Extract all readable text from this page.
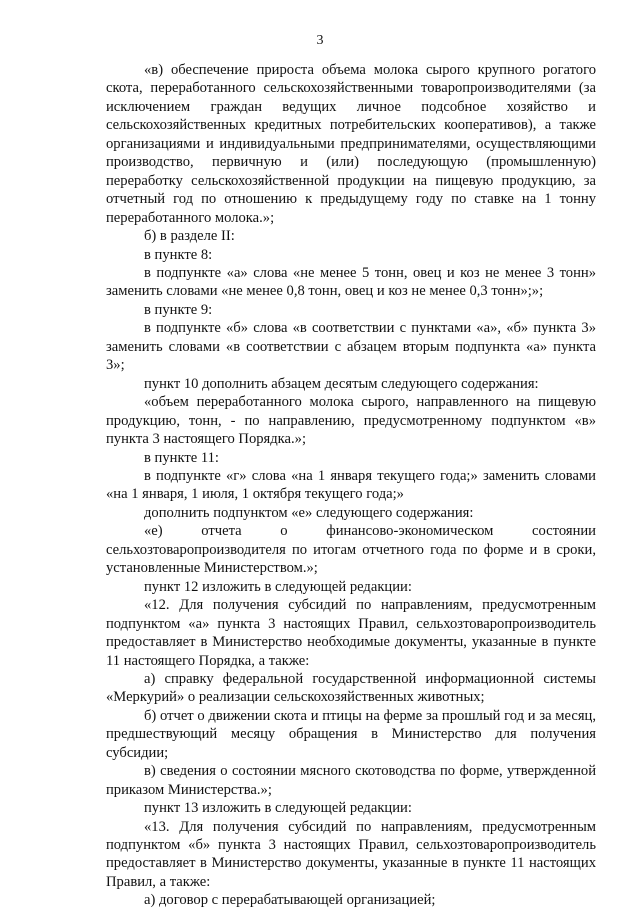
3

«в) обеспечение прироста объема молока сырого крупного рогатого скота, переработанного сельскохозяйственными товаропроизводителями (за исключением граждан ведущих личное подсобное хозяйство и сельскохозяйственных кредитных потребительских кооперативов), а также организациями и индивидуальными предпринимателями, осуществляющими производство, первичную и (или) последующую (промышленную) переработку сельскохозяйственной продукции на пищевую продукцию, за отчетный год по отношению к предыдущему году по ставке на 1 тонну переработанного молока.»;

б) в разделе II:

в пункте 8:

в подпункте «а» слова «не менее 5 тонн, овец и коз не менее 3 тонн» заменить словами «не менее 0,8 тонн, овец и коз не менее 0,3 тонн»;»;

в пункте 9:

в подпункте «б» слова «в соответствии с пунктами «а», «б» пункта 3» заменить словами «в соответствии с абзацем вторым подпункта «а» пункта 3»;

пункт 10 дополнить абзацем десятым следующего содержания:

«объем переработанного молока сырого, направленного на пищевую продукцию, тонн, - по направлению, предусмотренному подпунктом «в» пункта 3 настоящего Порядка.»;

в пункте 11:

в подпункте «г» слова «на 1 января текущего года;» заменить словами «на 1 января, 1 июля, 1 октября текущего года;»

дополнить подпунктом «е» следующего содержания:

«е) отчета о финансово-экономическом состоянии сельхозтоваропроизводителя по итогам отчетного года по форме и в сроки, установленные Министерством.»;

пункт 12 изложить в следующей редакции:

«12. Для получения субсидий по направлениям, предусмотренным подпунктом «а» пункта 3 настоящих Правил, сельхозтоваропроизводитель предоставляет в Министерство необходимые документы, указанные в пункте 11 настоящего Порядка, а также:

а) справку федеральной государственной информационной системы «Меркурий» о реализации сельскохозяйственных животных;

б) отчет о движении скота и птицы на ферме за прошлый год и за месяц, предшествующий месяцу обращения в Министерство для получения субсидии;

в) сведения о состоянии мясного скотоводства по форме, утвержденной приказом Министерства.»;

пункт 13 изложить в следующей редакции:

«13. Для получения субсидий по направлениям, предусмотренным подпунктом «б» пункта 3 настоящих Правил, сельхозтоваропроизводитель предоставляет в Министерство документы, указанные в пункте 11 настоящих Правил, а также:

а) договор с перерабатывающей организацией;
